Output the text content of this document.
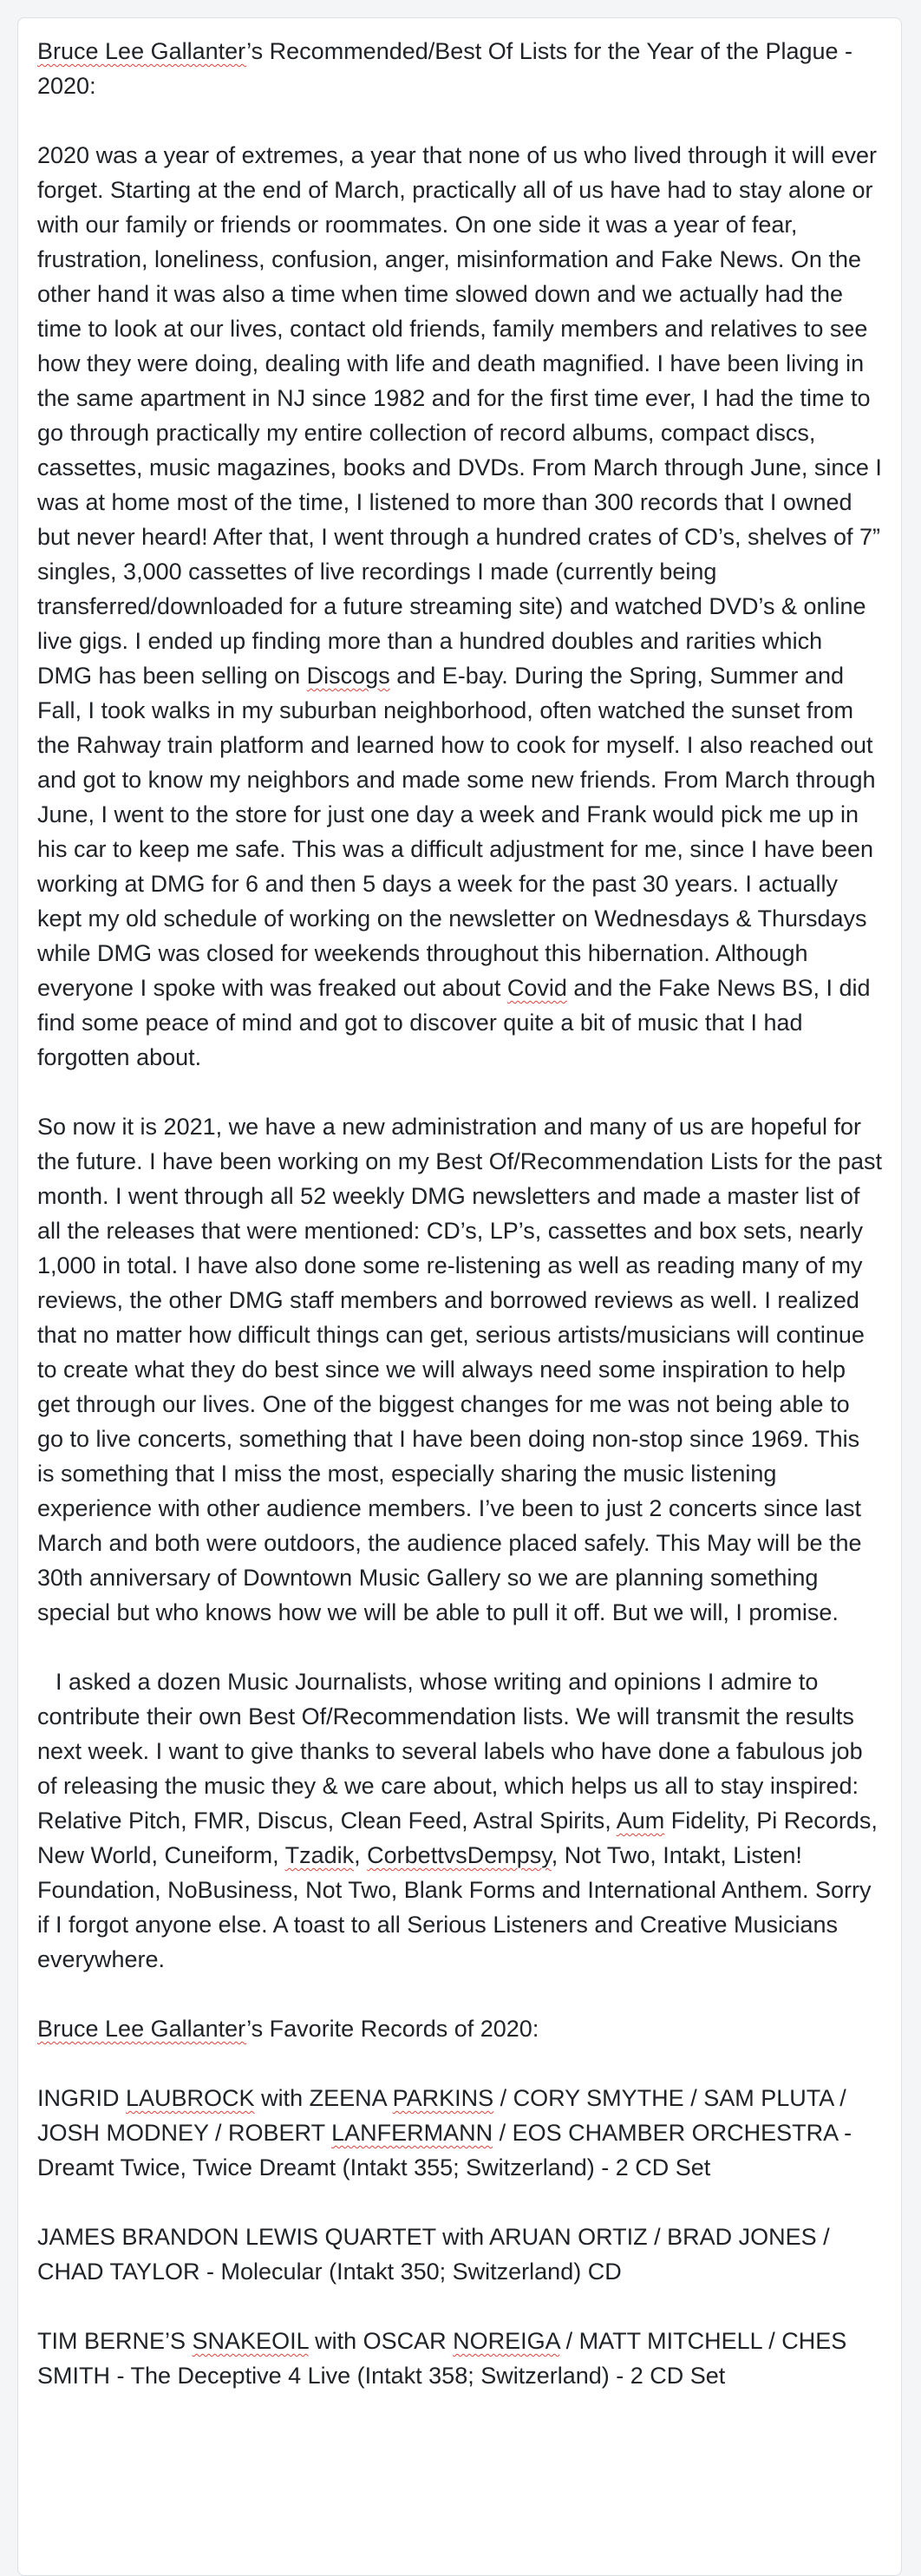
Bruce Lee Gallanter’s Recommended/Best Of Lists for the Year of the Plague - 2020:

2020 was a year of extremes, a year that none of us who lived through it will ever forget. Starting at the end of March, practically all of us have had to stay alone or with our family or friends or roommates. On one side it was a year of fear, frustration, loneliness, confusion, anger, misinformation and Fake News. On the other hand it was also a time when time slowed down and we actually had the time to look at our lives, contact old friends, family members and relatives to see how they were doing, dealing with life and death magnified. I have been living in the same apartment in NJ since 1982 and for the first time ever, I had the time to go through practically my entire collection of record albums, compact discs, cassettes, music magazines, books and DVDs. From March through June, since I was at home most of the time, I listened to more than 300 records that I owned but never heard! After that, I went through a hundred crates of CD’s, shelves of 7” singles, 3,000 cassettes of live recordings I made (currently being transferred/downloaded for a future streaming site) and watched DVD’s & online live gigs. I ended up finding more than a hundred doubles and rarities which DMG has been selling on Discogs and E-bay. During the Spring, Summer and Fall, I took walks in my suburban neighborhood, often watched the sunset from the Rahway train platform and learned how to cook for myself. I also reached out and got to know my neighbors and made some new friends. From March through June, I went to the store for just one day a week and Frank would pick me up in his car to keep me safe. This was a difficult adjustment for me, since I have been working at DMG for 6 and then 5 days a week for the past 30 years. I actually kept my old schedule of working on the newsletter on Wednesdays & Thursdays while DMG was closed for weekends throughout this hibernation. Although everyone I spoke with was freaked out about Covid and the Fake News BS, I did find some peace of mind and got to discover quite a bit of music that I had forgotten about.

So now it is 2021, we have a new administration and many of us are hopeful for the future. I have been working on my Best Of/Recommendation Lists for the past month. I went through all 52 weekly DMG newsletters and made a master list of all the releases that were mentioned: CD’s, LP’s, cassettes and box sets, nearly 1,000 in total. I have also done some re-listening as well as reading many of my reviews, the other DMG staff members and borrowed reviews as well. I realized that no matter how difficult things can get, serious artists/musicians will continue to create what they do best since we will always need some inspiration to help get through our lives. One of the biggest changes for me was not being able to go to live concerts, something that I have been doing non-stop since 1969. This is something that I miss the most, especially sharing the music listening experience with other audience members. I’ve been to just 2 concerts since last March and both were outdoors, the audience placed safely. This May will be the 30th anniversary of Downtown Music Gallery so we are planning something special but who knows how we will be able to pull it off. But we will, I promise.

I asked a dozen Music Journalists, whose writing and opinions I admire to contribute their own Best Of/Recommendation lists. We will transmit the results next week. I want to give thanks to several labels who have done a fabulous job of releasing the music they & we care about, which helps us all to stay inspired: Relative Pitch, FMR, Discus, Clean Feed, Astral Spirits, Aum Fidelity, Pi Records, New World, Cuneiform, Tzadik, CorbettvsDempsy, Not Two, Intakt, Listen! Foundation, NoBusiness, Not Two, Blank Forms and International Anthem. Sorry if I forgot anyone else. A toast to all Serious Listeners and Creative Musicians everywhere.

Bruce Lee Gallanter’s Favorite Records of 2020:

INGRID LAUBROCK with ZEENA PARKINS / CORY SMYTHE / SAM PLUTA / JOSH MODNEY / ROBERT LANFERMANN / EOS CHAMBER ORCHESTRA - Dreamt Twice, Twice Dreamt (Intakt 355; Switzerland) - 2 CD Set

JAMES BRANDON LEWIS QUARTET with ARUAN ORTIZ / BRAD JONES / CHAD TAYLOR - Molecular (Intakt 350; Switzerland) CD

TIM BERNE’S SNAKEOIL with OSCAR NOREIGA / MATT MITCHELL / CHES SMITH - The Deceptive 4 Live (Intakt 358; Switzerland) - 2 CD Set
